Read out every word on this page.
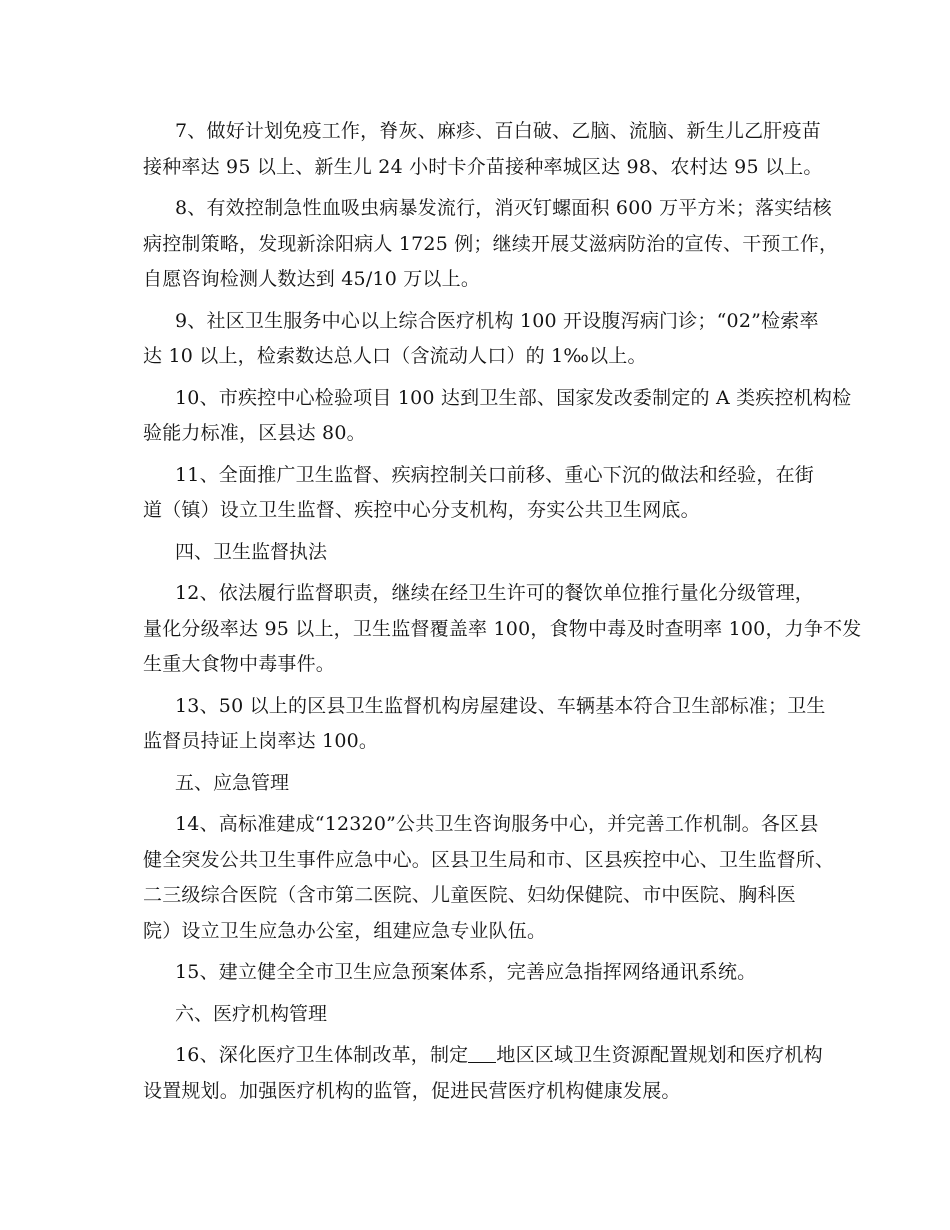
7、做好计划免疫工作，脊灰、麻疹、百白破、乙脑、流脑、新生儿乙肝疫苗
接种率达 95 以上、新生儿 24 小时卡介苗接种率城区达 98、农村达 95 以上。
8、有效控制急性血吸虫病暴发流行，消灭钉螺面积 600 万平方米；落实结核
病控制策略，发现新涂阳病人 1725 例；继续开展艾滋病防治的宣传、干预工作，
自愿咨询检测人数达到 45/10 万以上。
9、社区卫生服务中心以上综合医疗机构 100 开设腹泻病门诊；“02”检索率
达 10 以上，检索数达总人口（含流动人口）的 1‰以上。
10、市疾控中心检验项目 100 达到卫生部、国家发改委制定的 A 类疾控机构检
验能力标准，区县达 80。
11、全面推广卫生监督、疾病控制关口前移、重心下沉的做法和经验，在街
道（镇）设立卫生监督、疾控中心分支机构，夯实公共卫生网底。
四、卫生监督执法
12、依法履行监督职责，继续在经卫生许可的餐饮单位推行量化分级管理，
量化分级率达 95 以上，卫生监督覆盖率 100，食物中毒及时查明率 100，力争不发
生重大食物中毒事件。
13、50 以上的区县卫生监督机构房屋建设、车辆基本符合卫生部标准；卫生
监督员持证上岗率达 100。
五、应急管理
14、高标准建成“12320”公共卫生咨询服务中心，并完善工作机制。各区县
健全突发公共卫生事件应急中心。区县卫生局和市、区县疾控中心、卫生监督所、
二三级综合医院（含市第二医院、儿童医院、妇幼保健院、市中医院、胸科医
院）设立卫生应急办公室，组建应急专业队伍。
15、建立健全全市卫生应急预案体系，完善应急指挥网络通讯系统。
六、医疗机构管理
16、深化医疗卫生体制改革，制定 地区区域卫生资源配置规划和医疗机构
设置规划。加强医疗机构的监管，促进民营医疗机构健康发展。
